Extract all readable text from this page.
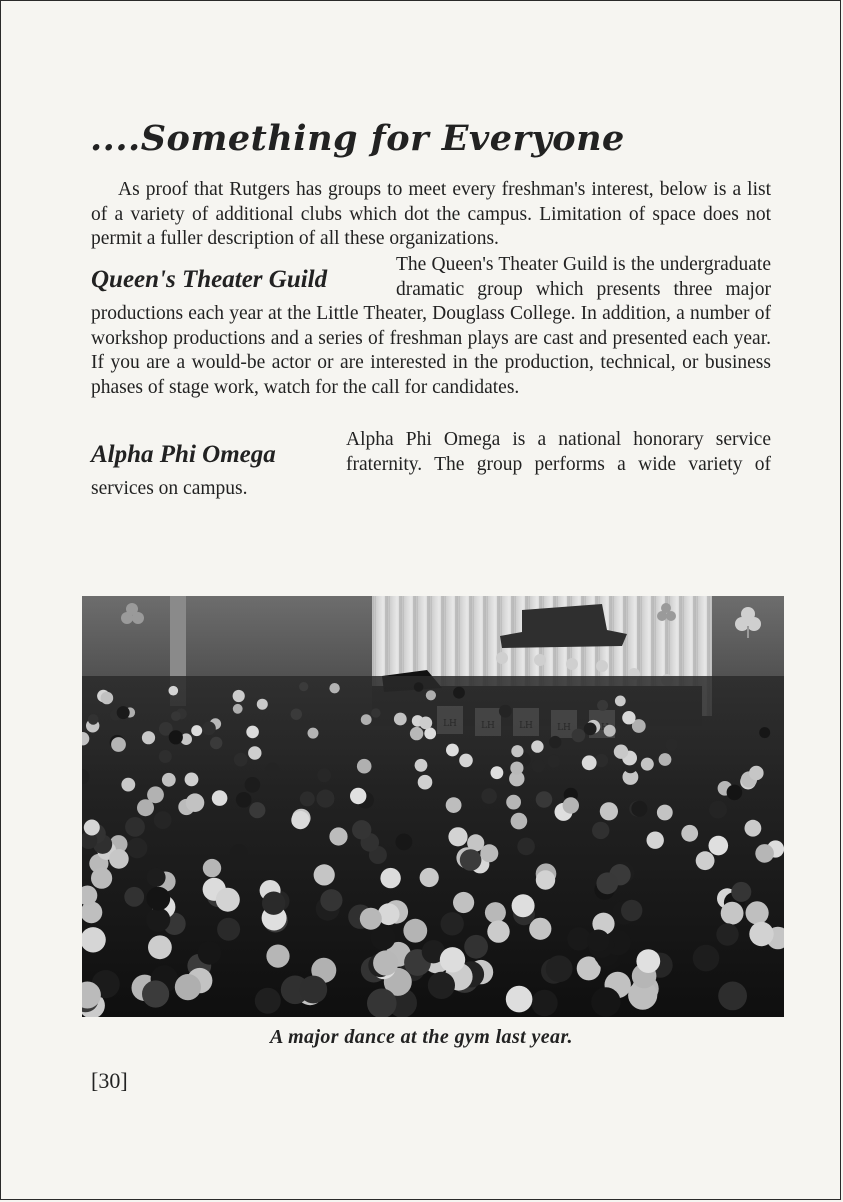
....Something for Everyone

As proof that Rutgers has groups to meet every freshman's interest, below is a list of a variety of additional clubs which dot the campus. Limitation of space does not permit a fuller description of all these organizations.

Queen's Theater Guild

The Queen's Theater Guild is the undergraduate dramatic group which presents three major productions each year at the Little Theater, Douglass College. In addition, a number of workshop productions and a series of freshman plays are cast and presented each year. If you are a would-be actor or are interested in the production, technical, or business phases of stage work, watch for the call for candidates.

Alpha Phi Omega

Alpha Phi Omega is a national honorary service fraternity. The group performs a wide variety of services on campus.

A major dance at the gym last year.
[30]
